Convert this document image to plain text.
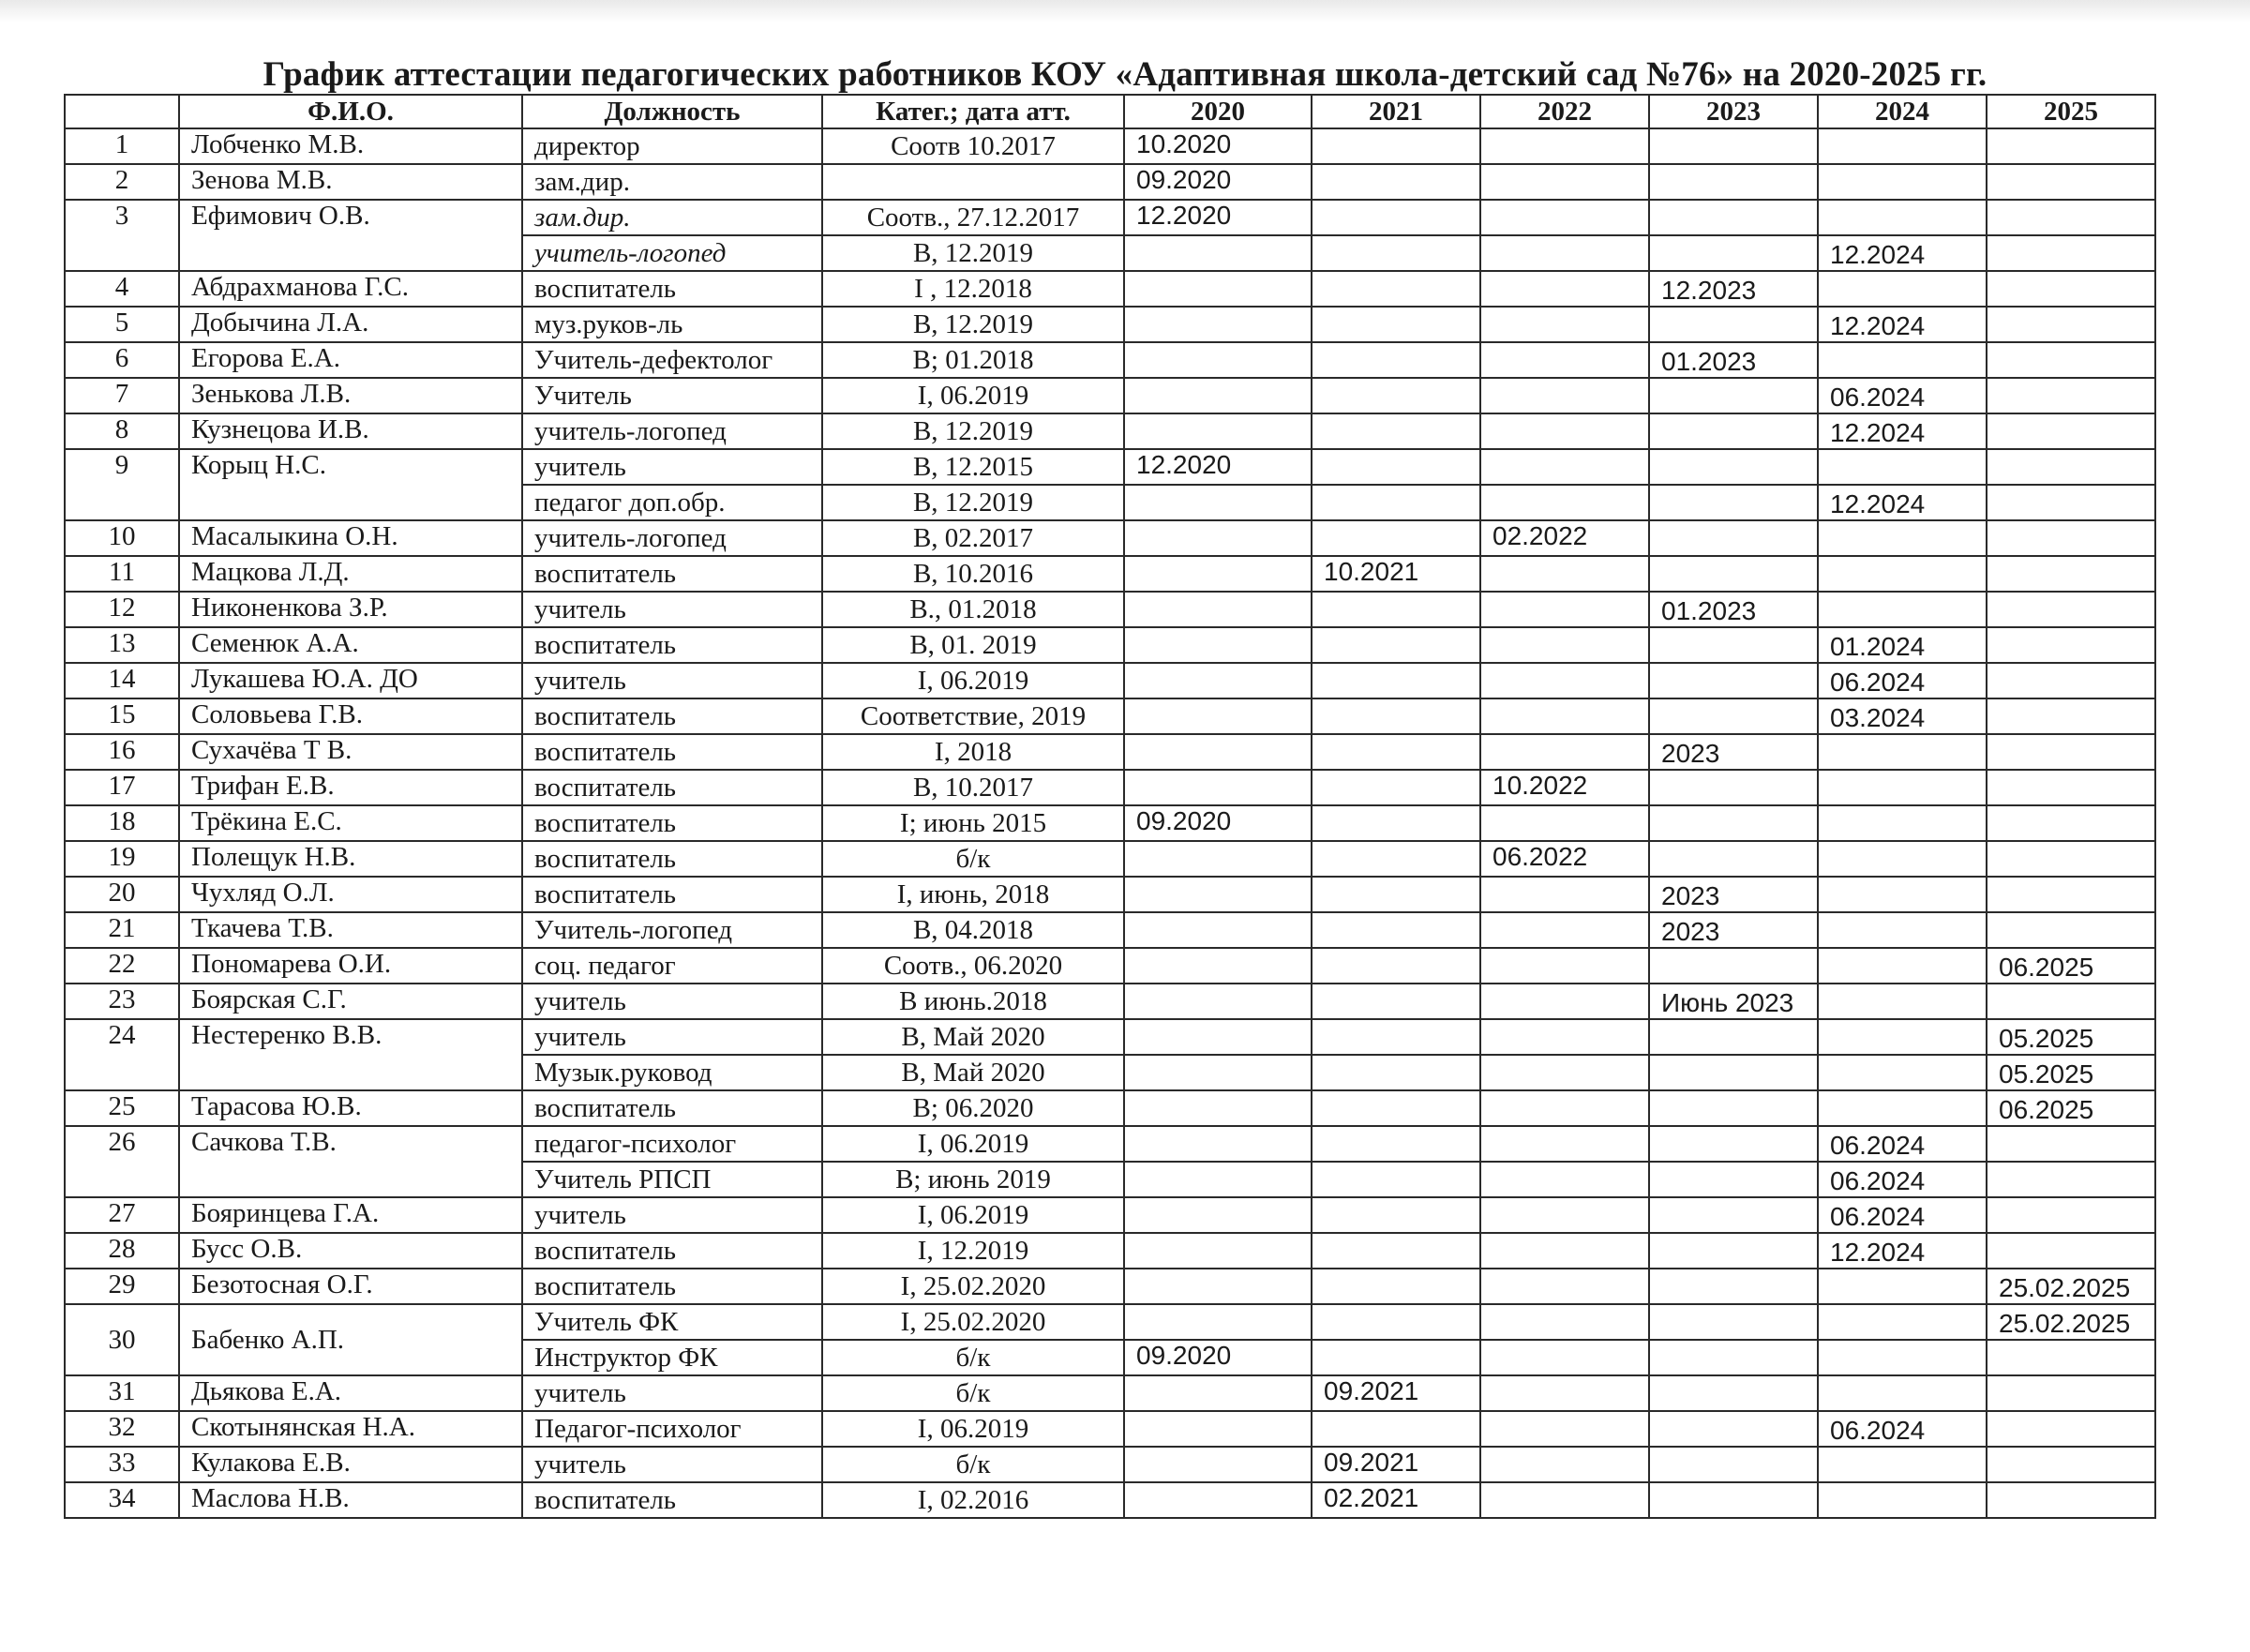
График аттестации педагогических работников КОУ «Адаптивная школа-детский сад №76» на 2020-2025 гг.
	Ф.И.О.	Должность	Катег.; дата атт.	2020	2021	2022	2023	2024	2025
1	Лобченко М.В.	директор	Соотв 10.2017	10.2020					
2	Зенова М.В.	зам.дир.		09.2020					
3	Ефимович О.В.	зам.дир.	Соотв., 27.12.2017	12.2020					
		учитель-логопед	В, 12.2019					12.2024	
4	Абдрахманова Г.С.	воспитатель	I , 12.2018				12.2023		
5	Добычина Л.А.	муз.руков-ль	В, 12.2019					12.2024	
6	Егорова Е.А.	Учитель-дефектолог	В; 01.2018				01.2023		
7	Зенькова Л.В.	Учитель	I, 06.2019					06.2024	
8	Кузнецова И.В.	учитель-логопед	В, 12.2019					12.2024	
9	Корыц Н.С.	учитель	В, 12.2015	12.2020					
		педагог доп.обр.	В, 12.2019					12.2024	
10	Масалыкина О.Н.	учитель-логопед	В, 02.2017			02.2022			
11	Мацкова Л.Д.	воспитатель	В, 10.2016		10.2021				
12	Никоненкова З.Р.	учитель	В., 01.2018				01.2023		
13	Семенюк А.А.	воспитатель	В, 01. 2019					01.2024	
14	Лукашева Ю.А. ДО	учитель	I, 06.2019					06.2024	
15	Соловьева Г.В.	воспитатель	Соответствие, 2019					03.2024	
16	Сухачёва Т В.	воспитатель	I, 2018				2023		
17	Трифан Е.В.	воспитатель	В, 10.2017			10.2022			
18	Трёкина Е.С.	воспитатель	I; июнь 2015	09.2020					
19	Полещук Н.В.	воспитатель	б/к			06.2022			
20	Чухляд О.Л.	воспитатель	I, июнь, 2018				2023		
21	Ткачева Т.В.	Учитель-логопед	В, 04.2018				2023		
22	Пономарева О.И.	соц. педагог	Соотв., 06.2020						06.2025
23	Боярская С.Г.	учитель	В июнь.2018				Июнь 2023		
24	Нестеренко В.В.	учитель	В, Май 2020						05.2025
		Музык.руковод	В, Май 2020						05.2025
25	Тарасова Ю.В.	воспитатель	В; 06.2020						06.2025
26	Сачкова Т.В.	педагог-психолог	I, 06.2019					06.2024	
		Учитель РПСП	В; июнь 2019					06.2024	
27	Бояринцева Г.А.	учитель	I, 06.2019					06.2024	
28	Бусс О.В.	воспитатель	I, 12.2019					12.2024	
29	Безотосная О.Г.	воспитатель	I, 25.02.2020						25.02.2025
30	Бабенко А.П.	Учитель ФК	I, 25.02.2020						25.02.2025
		Инструктор ФК	б/к	09.2020					
31	Дьякова Е.А.	учитель	б/к		09.2021				
32	Скотынянская Н.А.	Педагог-психолог	I, 06.2019					06.2024	
33	Кулакова Е.В.	учитель	б/к		09.2021				
34	Маслова Н.В.	воспитатель	I, 02.2016		02.2021				
